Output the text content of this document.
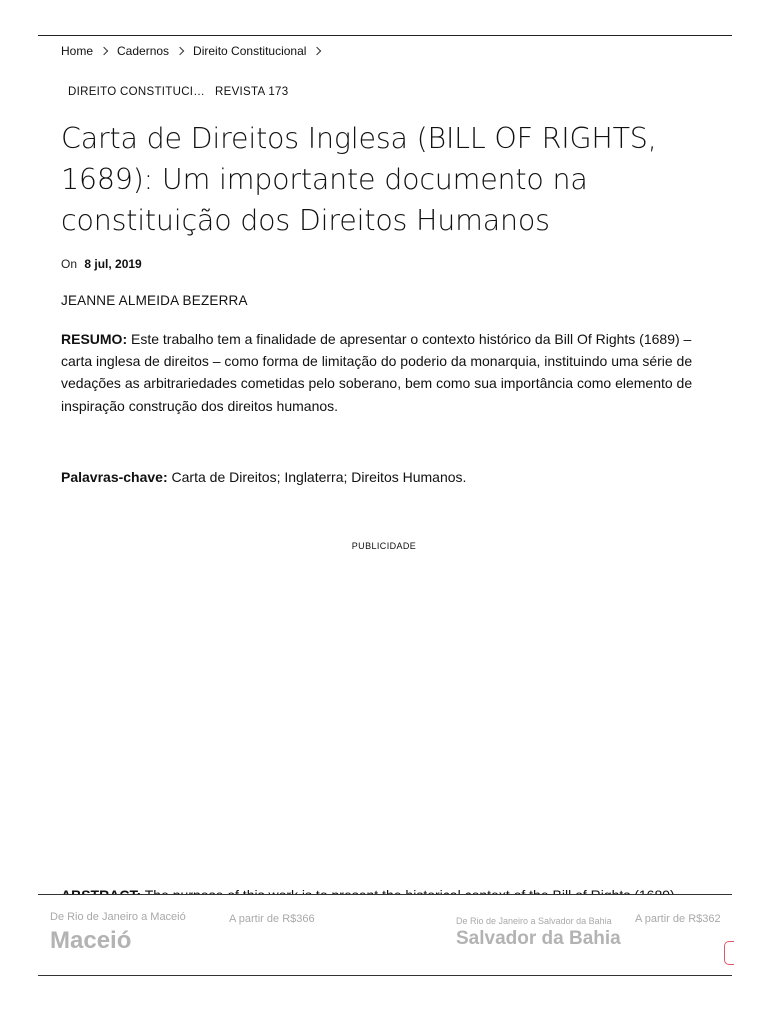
Home Cadernos Direito Constitucional
DIREITO CONSTITUCI… REVISTA 173
Carta de Direitos Inglesa (BILL OF RIGHTS, 1689): Um importante documento na constituição dos Direitos Humanos
On 8 jul, 2019

JEANNE ALMEIDA BEZERRA

RESUMO: Este trabalho tem a finalidade de apresentar o contexto histórico da Bill Of Rights (1689) – carta inglesa de direitos – como forma de limitação do poderio da monarquia, instituindo uma série de vedações as arbitrariedades cometidas pelo soberano, bem como sua importância como elemento de inspiração construção dos direitos humanos.

Palavras-chave: Carta de Direitos; Inglaterra; Direitos Humanos.

PUBLICIDADE

De Rio de Janeiro a Maceió
Maceió
A partir de R$366	De Rio de Janeiro a Salvador da Bahia
Salvador da Bahia
A partir de R$362
